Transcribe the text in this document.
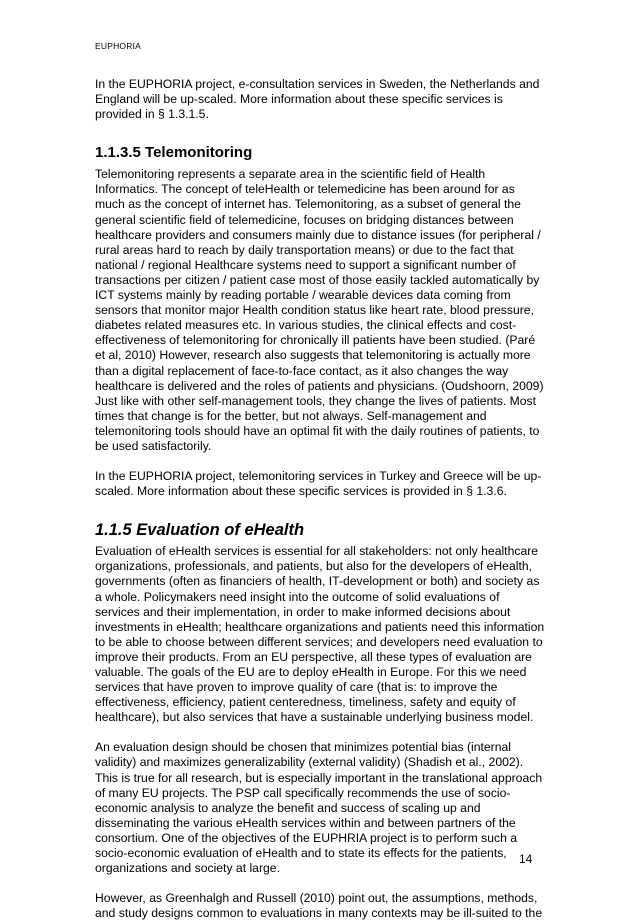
EUPHORIA

In the EUPHORIA project, e-consultation services in Sweden, the Netherlands and England will be up-scaled. More information about these specific services is provided in § 1.3.1.5.

1.1.3.5 Telemonitoring

Telemonitoring represents a separate area in the scientific field of Health Informatics. The concept of teleHealth or telemedicine has been around for as much as the concept of internet has. Telemonitoring, as a subset of general the general scientific field of telemedicine, focuses on bridging distances between healthcare providers and consumers mainly due to distance issues (for peripheral / rural areas hard to reach by daily transportation means) or due to the fact that national / regional Healthcare systems need to support a significant number of transactions per citizen / patient case most of those easily tackled automatically by ICT systems mainly by reading portable / wearable devices data coming from sensors that monitor major Health condition status like heart rate, blood pressure, diabetes related measures etc. In various studies, the clinical effects and cost-effectiveness of telemonitoring for chronically ill patients have been studied. (Paré et al, 2010) However, research also suggests that telemonitoring is actually more than a digital replacement of face-to-face contact, as it also changes the way healthcare is delivered and the roles of patients and physicians. (Oudshoorn, 2009) Just like with other self-management tools, they change the lives of patients. Most times that change is for the better, but not always. Self-management and telemonitoring tools should have an optimal fit with the daily routines of patients, to be used satisfactorily.

In the EUPHORIA project, telemonitoring services in Turkey and Greece will be up-scaled. More information about these specific services is provided in § 1.3.6.

1.1.5 Evaluation of eHealth

Evaluation of eHealth services is essential for all stakeholders: not only healthcare organizations, professionals, and patients, but also for the developers of eHealth, governments (often as financiers of health, IT-development or both) and society as a whole. Policymakers need insight into the outcome of solid evaluations of services and their implementation, in order to make informed decisions about investments in eHealth; healthcare organizations and patients need this information to be able to choose between different services; and developers need evaluation to improve their products. From an EU perspective, all these types of evaluation are valuable. The goals of the EU are to deploy eHealth in Europe. For this we need services that have proven to improve quality of care (that is: to improve the effectiveness, efficiency, patient centeredness, timeliness, safety and equity of healthcare), but also services that have a sustainable underlying business model.

An evaluation design should be chosen that minimizes potential bias (internal validity) and maximizes generalizability (external validity) (Shadish et al., 2002). This is true for all research, but is especially important in the translational approach of many EU projects. The PSP call specifically recommends the use of socio-economic analysis to analyze the benefit and success of scaling up and disseminating the various eHealth services within and between partners of the consortium. One of the objectives of the EUPHRIA project is to perform such a socio-economic evaluation of eHealth and to state its effects for the patients, organizations and society at large.

However, as Greenhalgh and Russell (2010) point out, the assumptions, methods, and study designs common to evaluations in many contexts may be ill-suited to the

14
